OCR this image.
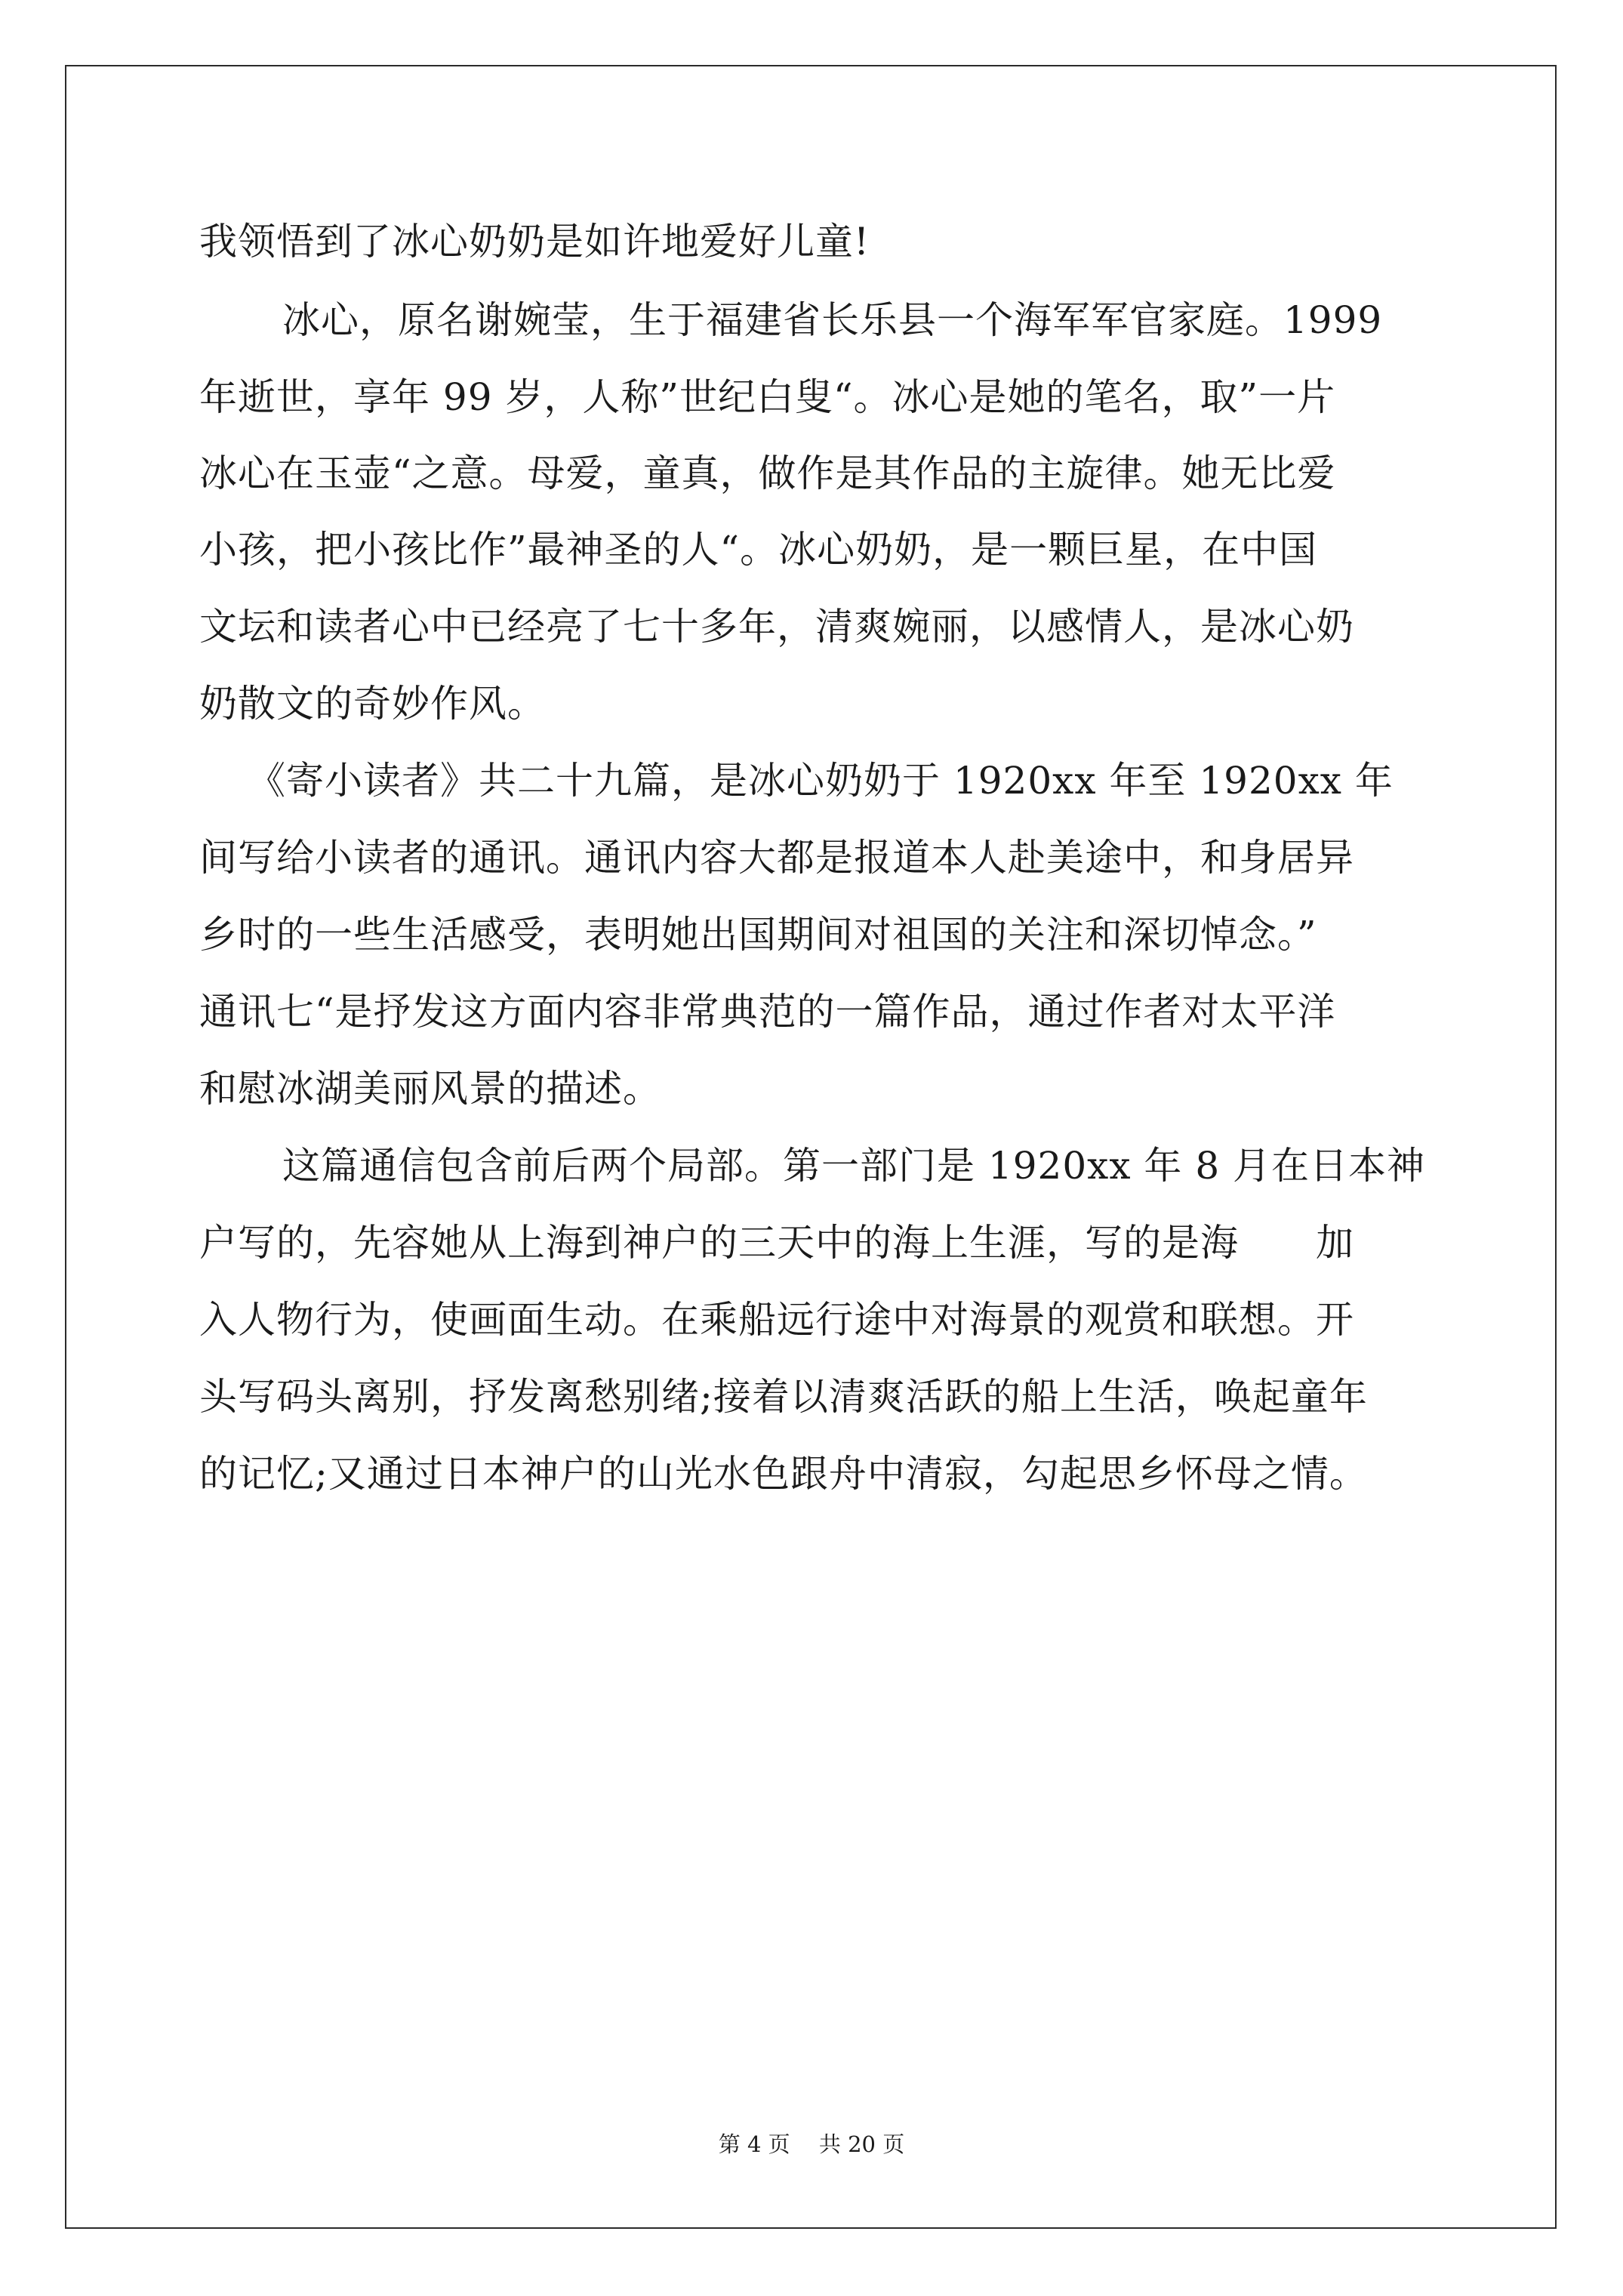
我领悟到了冰心奶奶是如许地爱好儿童!
冰心，原名谢婉莹，生于福建省长乐县一个海军军官家庭。1999
年逝世，享年 99 岁，人称”世纪白叟“。冰心是她的笔名，取”一片
冰心在玉壶“之意。母爱，童真，做作是其作品的主旋律。她无比爱
小孩，把小孩比作”最神圣的人“。冰心奶奶，是一颗巨星，在中国
文坛和读者心中已经亮了七十多年，清爽婉丽，以感情人，是冰心奶
奶散文的奇妙作风。
《寄小读者》共二十九篇，是冰心奶奶于 1920xx 年至 1920xx 年
间写给小读者的通讯。通讯内容大都是报道本人赴美途中，和身居异
乡时的一些生活感受，表明她出国期间对祖国的关注和深切悼念。”
通讯七“是抒发这方面内容非常典范的一篇作品，通过作者对太平洋
和慰冰湖美丽风景的描述。
这篇通信包含前后两个局部。第一部门是 1920xx 年 8 月在日本神
户写的，先容她从上海到神户的三天中的海上生涯，写的是海　　加
入人物行为，使画面生动。在乘船远行途中对海景的观赏和联想。开
头写码头离别，抒发离愁别绪;接着以清爽活跃的船上生活，唤起童年
的记忆;又通过日本神户的山光水色跟舟中清寂，勾起思乡怀母之情。
第 4 页　 共 20 页
